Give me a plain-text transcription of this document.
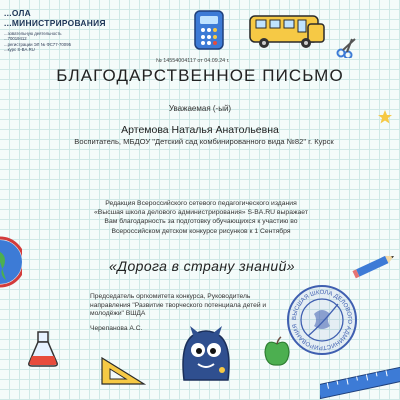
...ОЛА
...МИНИСТРИРОВАНИЯ
...зовательную деятельность
...70019412
...регистрации ЭЛ № ФС77-70095
...курс S-BA.RU
№ 14554004117 от 04.09.24 г.
БЛАГОДАРСТВЕННОЕ ПИСЬМО
Уважаемая (-ый)
Артемова Наталья Анатольевна
Воспитатель, МБДОУ "Детский сад комбинированного вида №82" г. Курск
Редакция Всероссийского сетевого педагогического издания «Высшая школа делового администрирования» S-BA.RU выражает Вам благодарность за подготовку обучающихся к участию во Всероссийском детском конкурсе рисунков к 1 Сентября
«Дорога в страну знаний»
Председатель оргкомитета конкурса, Руководитель направления "Развитие творческого потенциала детей и молодёжи" ВШДА
Черепанова А.С.
ВЫСШАЯ ШКОЛА ДЕЛОВОГО АДМИНИСТРИРОВАНИЯ
